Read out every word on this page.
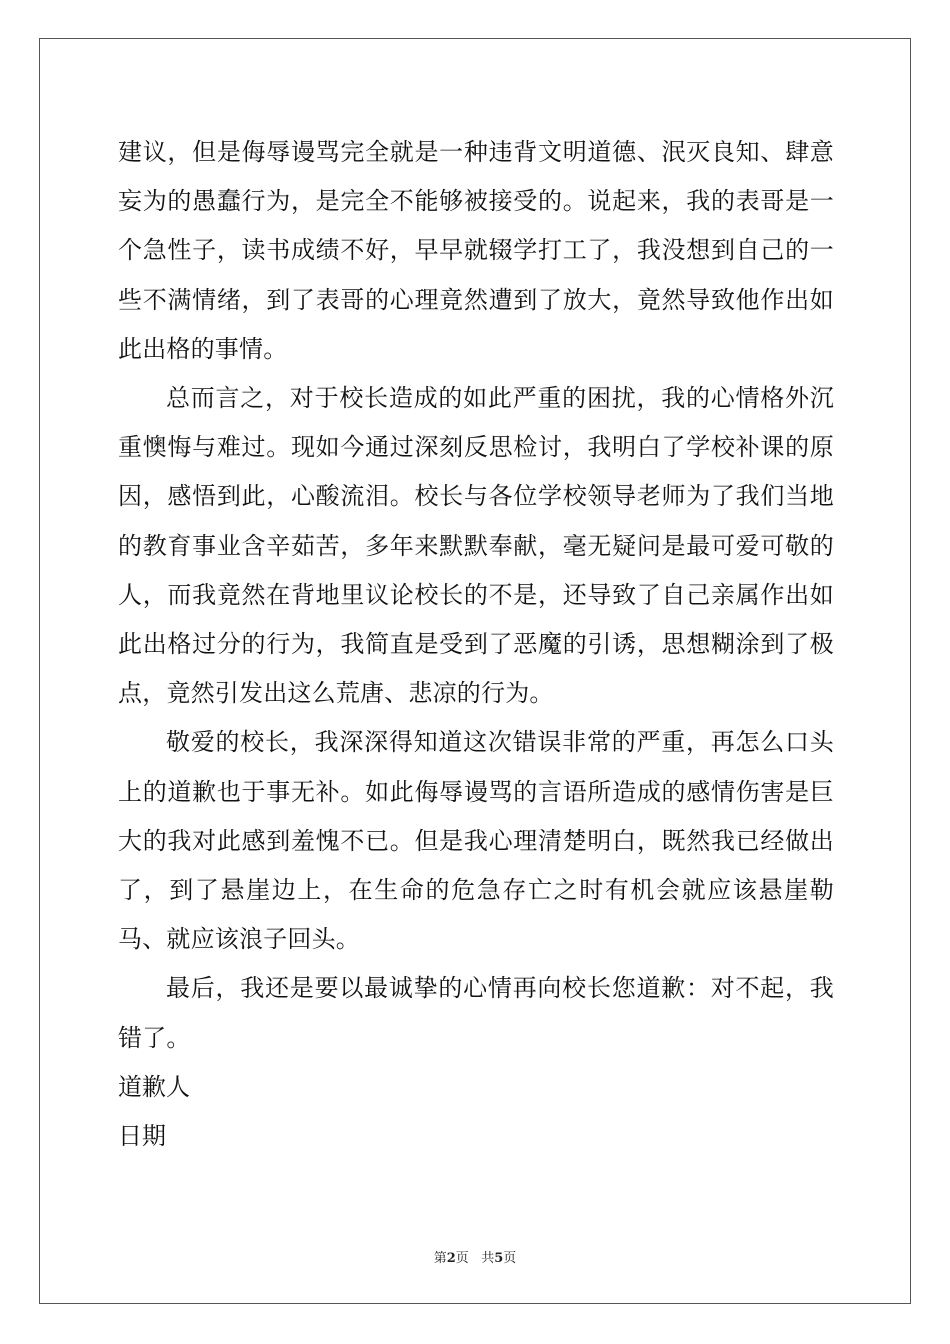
建议，但是侮辱谩骂完全就是一种违背文明道德、泯灭良知、肆意妄为的愚蠢行为，是完全不能够被接受的。说起来，我的表哥是一个急性子，读书成绩不好，早早就辍学打工了，我没想到自己的一些不满情绪，到了表哥的心理竟然遭到了放大，竟然导致他作出如此出格的事情。

总而言之，对于校长造成的如此严重的困扰，我的心情格外沉重懊悔与难过。现如今通过深刻反思检讨，我明白了学校补课的原因，感悟到此，心酸流泪。校长与各位学校领导老师为了我们当地的教育事业含辛茹苦，多年来默默奉献，毫无疑问是最可爱可敬的人，而我竟然在背地里议论校长的不是，还导致了自己亲属作出如此出格过分的行为，我简直是受到了恶魔的引诱，思想糊涂到了极点，竟然引发出这么荒唐、悲凉的行为。

敬爱的校长，我深深得知道这次错误非常的严重，再怎么口头上的道歉也于事无补。如此侮辱谩骂的言语所造成的感情伤害是巨大的我对此感到羞愧不已。但是我心理清楚明白，既然我已经做出了，到了悬崖边上，在生命的危急存亡之时有机会就应该悬崖勒马、就应该浪子回头。

最后，我还是要以最诚挚的心情再向校长您道歉：对不起，我错了。

道歉人

日期

第2页 共5页
